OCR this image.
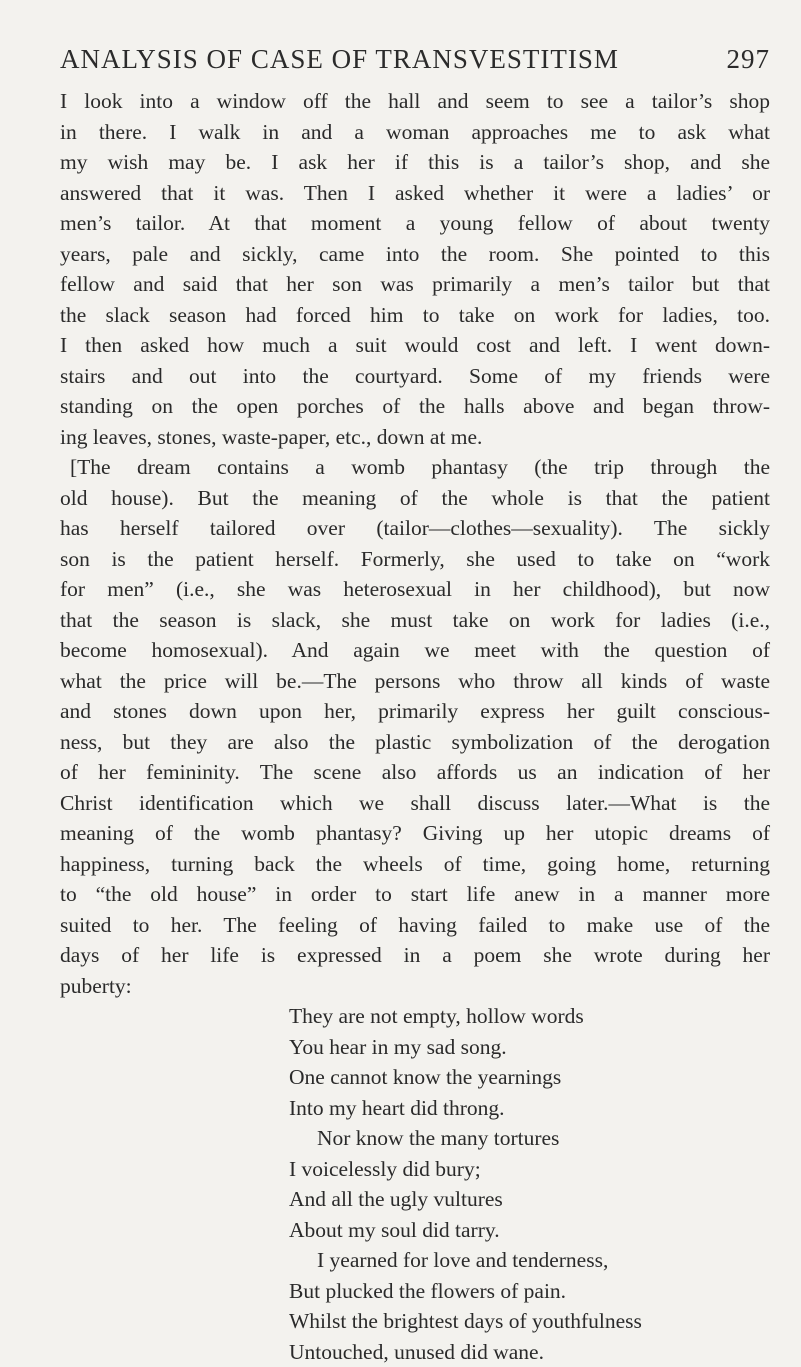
ANALYSIS OF CASE OF TRANSVESTITISM	297
I look into a window off the hall and seem to see a tailor’s shop
in there. I walk in and a woman approaches me to ask what
my wish may be. I ask her if this is a tailor’s shop, and she
answered that it was. Then I asked whether it were a ladies’ or
men’s tailor. At that moment a young fellow of about twenty
years, pale and sickly, came into the room. She pointed to this
fellow and said that her son was primarily a men’s tailor but that
the slack season had forced him to take on work for ladies, too.
I then asked how much a suit would cost and left. I went down-
stairs and out into the courtyard. Some of my friends were
standing on the open porches of the halls above and began throw-
ing leaves, stones, waste-paper, etc., down at me.
[The dream contains a womb phantasy (the trip through the
old house). But the meaning of the whole is that the patient
has herself tailored over (tailor—clothes—sexuality). The sickly
son is the patient herself. Formerly, she used to take on “work
for men” (i.e., she was heterosexual in her childhood), but now
that the season is slack, she must take on work for ladies (i.e.,
become homosexual). And again we meet with the question of
what the price will be.—The persons who throw all kinds of waste
and stones down upon her, primarily express her guilt conscious-
ness, but they are also the plastic symbolization of the derogation
of her femininity. The scene also affords us an indication of her
Christ identification which we shall discuss later.—What is the
meaning of the womb phantasy? Giving up her utopic dreams of
happiness, turning back the wheels of time, going home, returning
to “the old house” in order to start life anew in a manner more
suited to her. The feeling of having failed to make use of the
days of her life is expressed in a poem she wrote during her
puberty:
They are not empty, hollow words
You hear in my sad song.
One cannot know the yearnings
Into my heart did throng.
Nor know the many tortures
I voicelessly did bury;
And all the ugly vultures
About my soul did tarry.
I yearned for love and tenderness,
But plucked the flowers of pain.
Whilst the brightest days of youthfulness
Untouched, unused did wane.
